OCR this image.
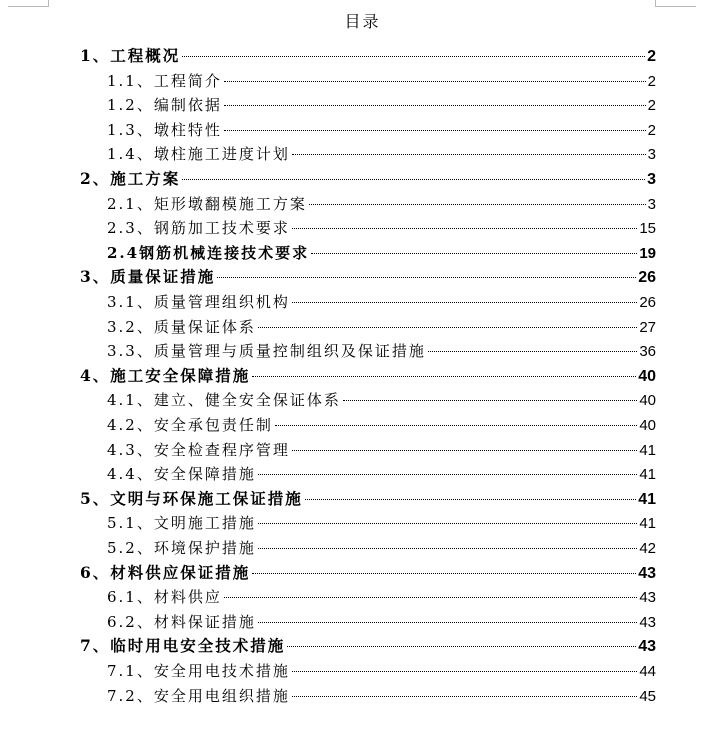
目录
1、工程概况	2
1.1、工程简介	2
1.2、编制依据	2
1.3、墩柱特性	2
1.4、墩柱施工进度计划	3
2、施工方案	3
2.1、矩形墩翻模施工方案	3
2.3、钢筋加工技术要求	15
2.4钢筋机械连接技术要求	19
3、质量保证措施	26
3.1、质量管理组织机构	26
3.2、质量保证体系	27
3.3、质量管理与质量控制组织及保证措施	36
4、施工安全保障措施	40
4.1、建立、健全安全保证体系	40
4.2、安全承包责任制	40
4.3、安全检查程序管理	41
4.4、安全保障措施	41
5、文明与环保施工保证措施	41
5.1、文明施工措施	41
5.2、环境保护措施	42
6、材料供应保证措施	43
6.1、材料供应	43
6.2、材料保证措施	43
7、临时用电安全技术措施	43
7.1、安全用电技术措施	44
7.2、安全用电组织措施	45
